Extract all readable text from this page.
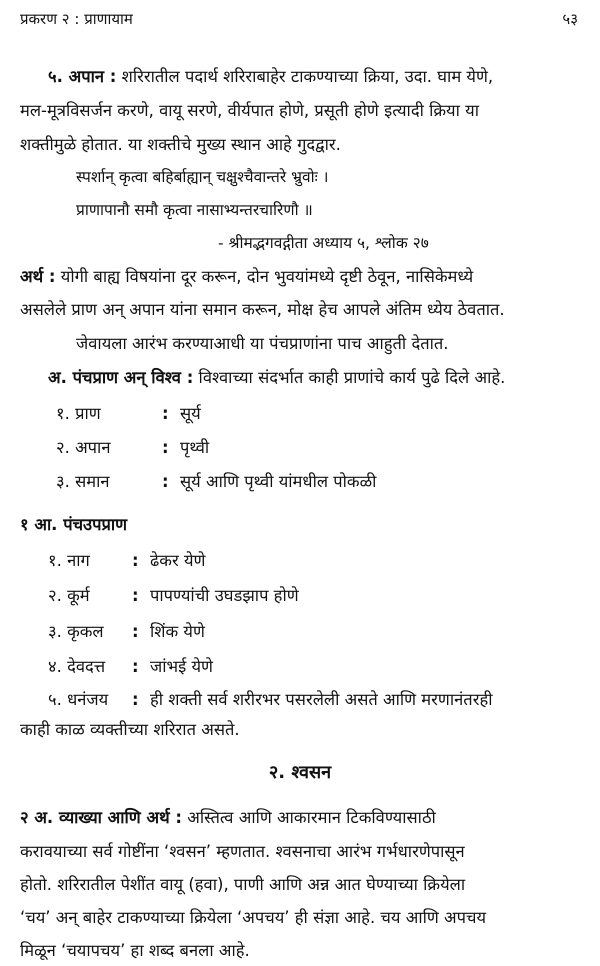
प्रकरण २ : प्राणायाम	५३
५. अपान : शरिरातील पदार्थ शरिराबाहेर टाकण्याच्या क्रिया, उदा. घाम येणे,
मल-मूत्रविसर्जन करणे, वायू सरणे, वीर्यपात होणे, प्रसूती होणे इत्यादी क्रिया या
शक्तीमुळे होतात. या शक्तीचे मुख्य स्थान आहे गुदद्वार.
स्पर्शान् कृत्वा बहिर्बाह्यान् चक्षुश्चैवान्तरे भ्रुवोः ।
प्राणापानौ समौ कृत्वा नासाभ्यन्तरचारिणौ ॥
- श्रीमद्भगवद्गीता अध्याय ५, श्लोक २७
अर्थ : योगी बाह्य विषयांना दूर करून, दोन भुवयांमध्ये दृष्टी ठेवून, नासिकेमध्ये
असलेले प्राण अन् अपान यांना समान करून, मोक्ष हेच आपले अंतिम ध्येय ठेवतात.
जेवायला आरंभ करण्याआधी या पंचप्राणांना पाच आहुती देतात.
अ. पंचप्राण अन् विश्‍व : विश्‍वाच्या संदर्भात काही प्राणांचे कार्य पुढे दिले आहे.
१. प्राण	: सूर्य
२. अपान	: पृथ्वी
३. समान	: सूर्य आणि पृथ्वी यांमधील पोकळी
१ आ. पंचउपप्राण
१. नाग	: ढेकर येणे
२. कूर्म	: पापण्यांची उघडझाप होणे
३. कृकल : शिंक येणे
४. देवदत्त : जांभई येणे
५. धनंजय : ही शक्ती सर्व शरीरभर पसरलेली असते आणि मरणानंतरही
काही काळ व्यक्तीच्या शरिरात असते.
२. श्‍वसन
२ अ. व्याख्या आणि अर्थ : अस्तित्व आणि आकारमान टिकविण्यासाठी
करावयाच्या सर्व गोष्टींना ‘श्‍वसन’ म्हणतात. श्‍वसनाचा आरंभ गर्भधारणेपासून
होतो. शरिरातील पेशींत वायू (हवा), पाणी आणि अन्न आत घेण्याच्या क्रियेला
‘चय’ अन् बाहेर टाकण्याच्या क्रियेला ‘अपचय’ ही संज्ञा आहे. चय आणि अपचय
मिळून ‘चयापचय’ हा शब्द बनला आहे.
